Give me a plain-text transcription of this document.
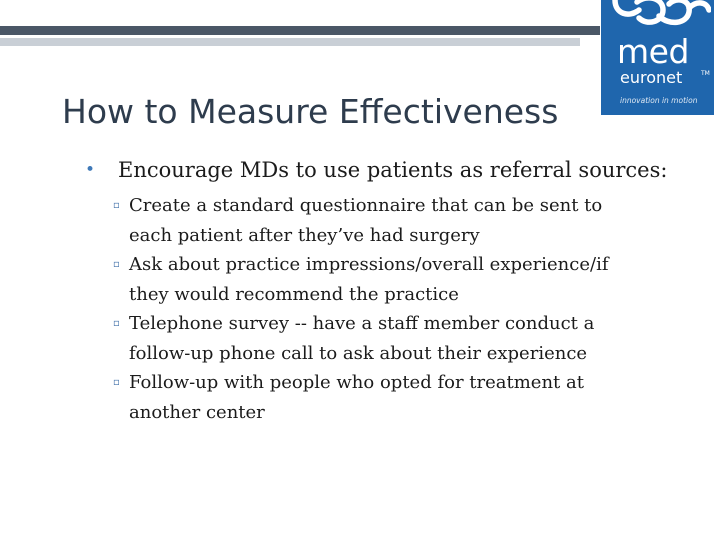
med
euronet	TM
innovation in motion
How to Measure Effectiveness
• Encourage MDs to use patients as referral sources:
▫ Create a standard questionnaire that can be sent to each patient after they’ve had surgery
▫ Ask about practice impressions/overall experience/if they would recommend the practice
▫ Telephone survey -- have a staff member conduct a follow-up phone call to ask about their experience
▫ Follow-up with people who opted for treatment at another center
